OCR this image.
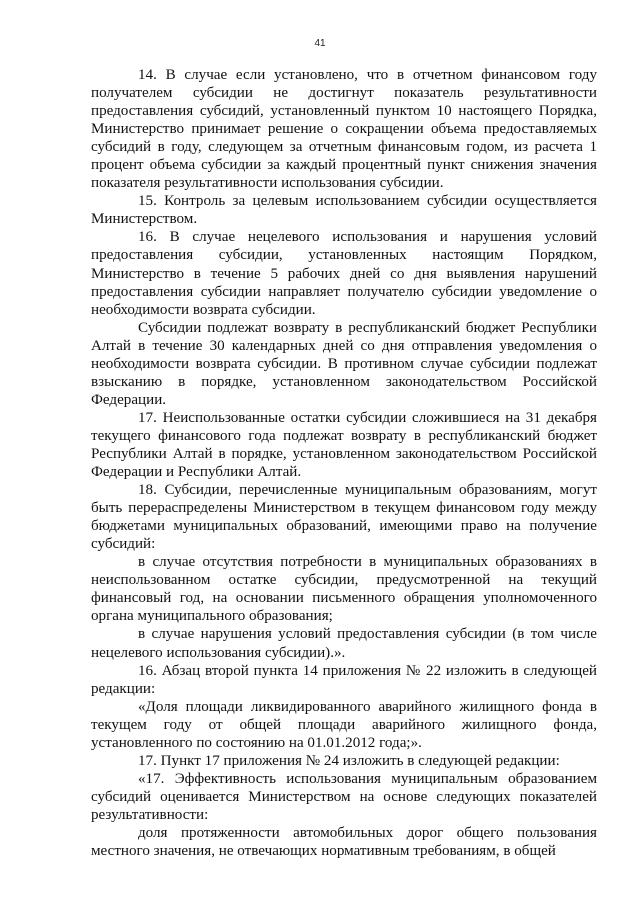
41

14. В случае если установлено, что в отчетном финансовом году получателем субсидии не достигнут показатель результативности предоставления субсидий, установленный пунктом 10 настоящего Порядка, Министерство принимает решение о сокращении объема предоставляемых субсидий в году, следующем за отчетным финансовым годом, из расчета 1 процент объема субсидии за каждый процентный пункт снижения значения показателя результативности использования субсидии.

15. Контроль за целевым использованием субсидии осуществляется Министерством.

16. В случае нецелевого использования и нарушения условий предоставления субсидии, установленных настоящим Порядком, Министерство в течение 5 рабочих дней со дня выявления нарушений предоставления субсидии направляет получателю субсидии уведомление о необходимости возврата субсидии.

Субсидии подлежат возврату в республиканский бюджет Республики Алтай в течение 30 календарных дней со дня отправления уведомления о необходимости возврата субсидии. В противном случае субсидии подлежат взысканию в порядке, установленном законодательством Российской Федерации.

17. Неиспользованные остатки субсидии сложившиеся на 31 декабря текущего финансового года подлежат возврату в республиканский бюджет Республики Алтай в порядке, установленном законодательством Российской Федерации и Республики Алтай.

18. Субсидии, перечисленные муниципальным образованиям, могут быть перераспределены Министерством в текущем финансовом году между бюджетами муниципальных образований, имеющими право на получение субсидий:

в случае отсутствия потребности в муниципальных образованиях в неиспользованном остатке субсидии, предусмотренной на текущий финансовый год, на основании письменного обращения уполномоченного органа муниципального образования;

в случае нарушения условий предоставления субсидии (в том числе нецелевого использования субсидии).».

16. Абзац второй пункта 14 приложения № 22 изложить в следующей редакции:

«Доля площади ликвидированного аварийного жилищного фонда в текущем году от общей площади аварийного жилищного фонда, установленного по состоянию на 01.01.2012 года;».

17. Пункт 17 приложения № 24 изложить в следующей редакции:

«17. Эффективность использования муниципальным образованием субсидий оценивается Министерством на основе следующих показателей результативности:

доля протяженности автомобильных дорог общего пользования местного значения, не отвечающих нормативным требованиям, в общей
